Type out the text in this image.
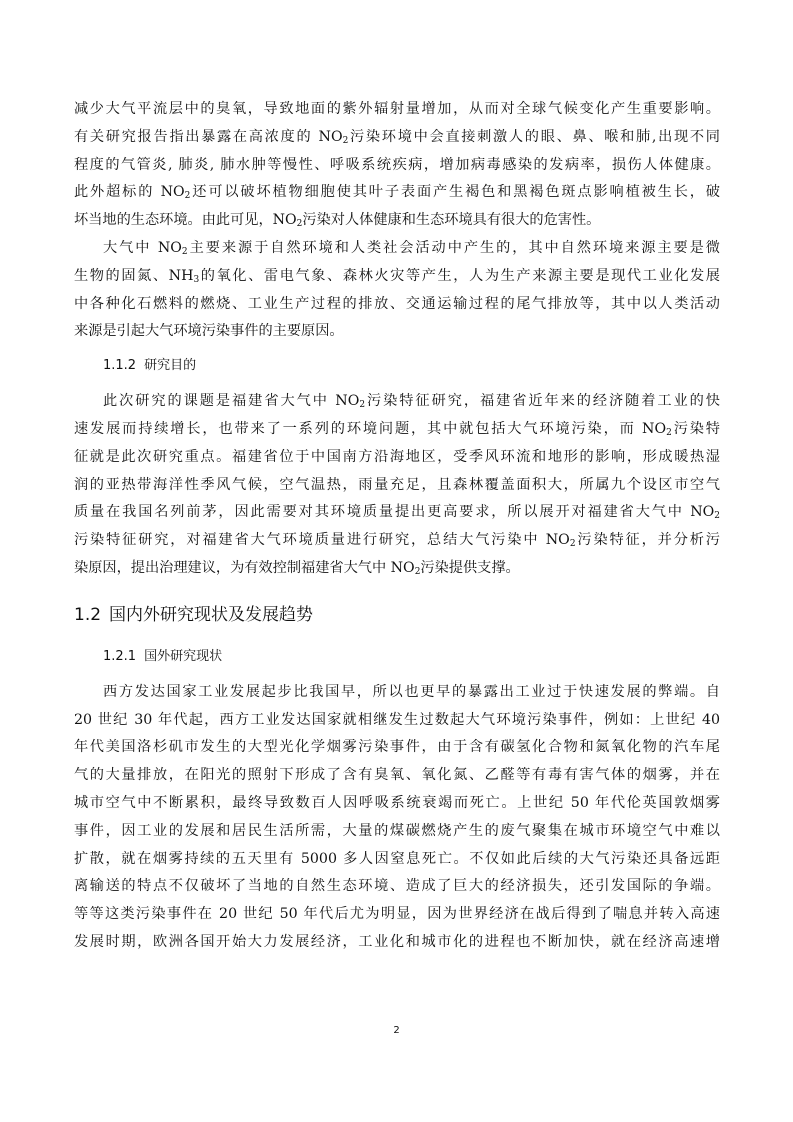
减少大气平流层中的臭氧，导致地面的紫外辐射量增加，从而对全球气候变化产生重要影响。
有关研究报告指出暴露在高浓度的 $NO_2$污染环境中会直接刺激人的眼、鼻、喉和肺,出现不同
程度的气管炎, 肺炎, 肺水肿等慢性、呼吸系统疾病，增加病毒感染的发病率，损伤人体健康。
此外超标的 $NO_2$还可以破坏植物细胞使其叶子表面产生褐色和黑褐色斑点影响植被生长，破
坏当地的生态环境。由此可见，$NO_2$污染对人体健康和生态环境具有很大的危害性。
大气中 $NO_2$主要来源于自然环境和人类社会活动中产生的，其中自然环境来源主要是微
生物的固氮、$NH_3$的氧化、雷电气象、森林火灾等产生，人为生产来源主要是现代工业化发展
中各种化石燃料的燃烧、工业生产过程的排放、交通运输过程的尾气排放等，其中以人类活动
来源是引起大气环境污染事件的主要原因。
1.1.2 研究目的
此次研究的课题是福建省大气中 $NO_2$污染特征研究，福建省近年来的经济随着工业的快
速发展而持续增长，也带来了一系列的环境问题，其中就包括大气环境污染，而 $NO_2$污染特
征就是此次研究重点。福建省位于中国南方沿海地区，受季风环流和地形的影响，形成暖热湿
润的亚热带海洋性季风气候，空气温热，雨量充足，且森林覆盖面积大，所属九个设区市空气
质量在我国名列前茅，因此需要对其环境质量提出更高要求，所以展开对福建省大气中 $NO_2$
污染特征研究，对福建省大气环境质量进行研究，总结大气污染中 $NO_2$污染特征，并分析污
染原因，提出治理建议，为有效控制福建省大气中 $NO_2$污染提供支撑。
1.2 国内外研究现状及发展趋势
1.2.1 国外研究现状
西方发达国家工业发展起步比我国早，所以也更早的暴露出工业过于快速发展的弊端。自
20 世纪 30 年代起，西方工业发达国家就相继发生过数起大气环境污染事件，例如：上世纪 40
年代美国洛杉矶市发生的大型光化学烟雾污染事件，由于含有碳氢化合物和氮氧化物的汽车尾
气的大量排放，在阳光的照射下形成了含有臭氧、氧化氮、乙醛等有毒有害气体的烟雾，并在
城市空气中不断累积，最终导致数百人因呼吸系统衰竭而死亡。上世纪 50 年代伦英国敦烟雾
事件，因工业的发展和居民生活所需，大量的煤碳燃烧产生的废气聚集在城市环境空气中难以
扩散，就在烟雾持续的五天里有 5000 多人因窒息死亡。不仅如此后续的大气污染还具备远距
离输送的特点不仅破坏了当地的自然生态环境、造成了巨大的经济损失，还引发国际的争端。
等等这类污染事件在 20 世纪 50 年代后尤为明显，因为世界经济在战后得到了喘息并转入高速
发展时期，欧洲各国开始大力发展经济，工业化和城市化的进程也不断加快，就在经济高速增
2
